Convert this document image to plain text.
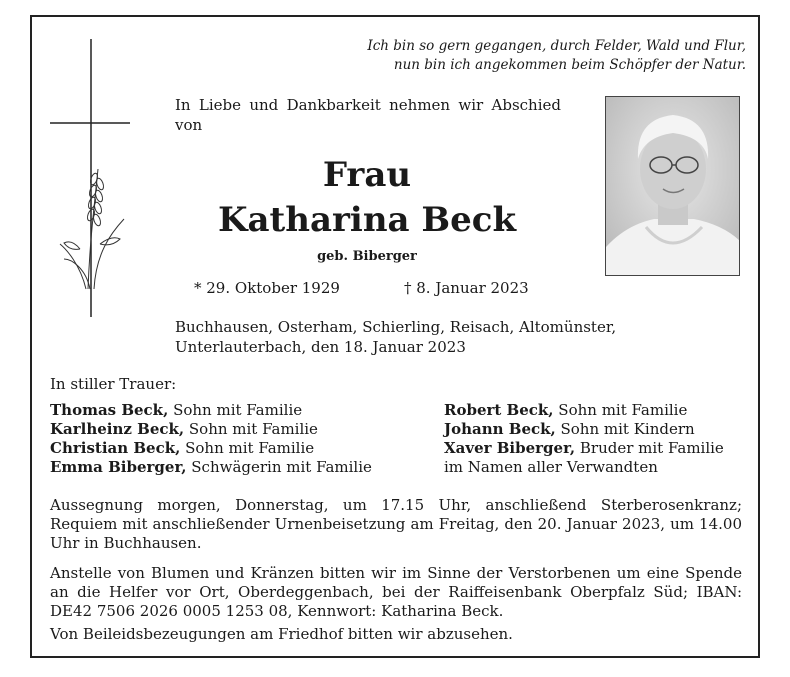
Ich bin so gern gegangen, durch Felder, Wald und Flur,
nun bin ich angekommen beim Schöpfer der Natur.
In Liebe und Dankbarkeit nehmen wir Abschied von
Frau
Katharina Beck
geb. Biberger
* 29. Oktober 1929	† 8. Januar 2023
Buchhausen, Osterham, Schierling, Reisach, Altomünster,
Unterlauterbach, den 18. Januar 2023
In stiller Trauer:
Thomas Beck, Sohn mit Familie
Karlheinz Beck, Sohn mit Familie
Christian Beck, Sohn mit Familie
Emma Biberger, Schwägerin mit Familie
Robert Beck, Sohn mit Familie
Johann Beck, Sohn mit Kindern
Xaver Biberger, Bruder mit Familie
im Namen aller Verwandten
Aussegnung morgen, Donnerstag, um 17.15 Uhr, anschließend Sterberosenkranz; Requiem mit anschließender Urnenbeisetzung am Freitag, den 20. Januar 2023, um 14.00 Uhr in Buchhausen.
Anstelle von Blumen und Kränzen bitten wir im Sinne der Verstorbenen um eine Spende an die Helfer vor Ort, Oberdeggenbach, bei der Raiffeisenbank Oberpfalz Süd; IBAN: DE42 7506 2026 0005 1253 08, Kennwort: Katharina Beck.
Von Beileidsbezeugungen am Friedhof bitten wir abzusehen.
